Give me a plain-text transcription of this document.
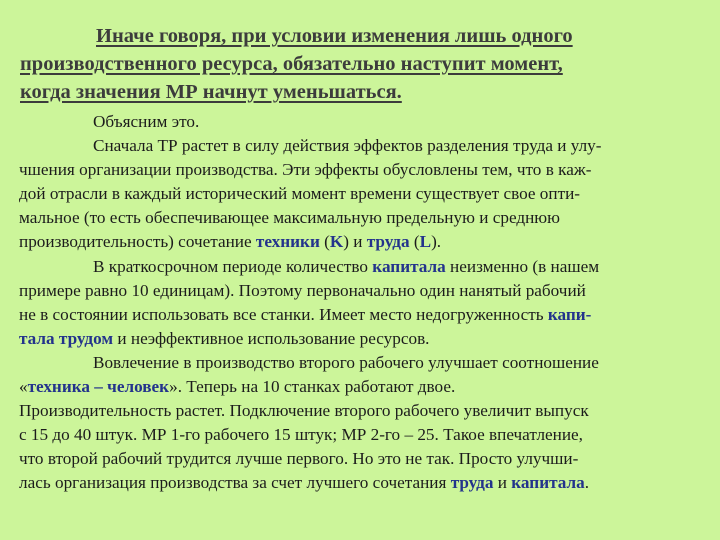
Иначе говоря, при условии изменения лишь одного
производственного ресурса, обязательно наступит момент,
когда значения МР начнут уменьшаться.
Объясним это.
Сначала ТР растет в силу действия эффектов разделения труда и улу-
чшения организации производства. Эти эффекты обусловлены тем, что в каж-
дой отрасли в каждый исторический момент времени существует свое опти-
мальное (то есть обеспечивающее максимальную предельную и среднюю
производительность) сочетание техники (K) и труда (L).
В краткосрочном периоде количество капитала неизменно (в нашем
примере равно 10 единицам). Поэтому первоначально один нанятый рабочий
не в состоянии использовать все станки. Имеет место недогруженность капи-
тала трудом и неэффективное использование ресурсов.
Вовлечение в производство второго рабочего улучшает соотношение
«техника – человек». Теперь на 10 станках работают двое.
Производительность растет. Подключение второго рабочего увеличит выпуск
с 15 до 40 штук. МР 1-го рабочего 15 штук; МР 2-го – 25. Такое впечатление,
что второй рабочий трудится лучше первого. Но это не так. Просто улучши-
лась организация производства за счет лучшего сочетания труда и капитала.
